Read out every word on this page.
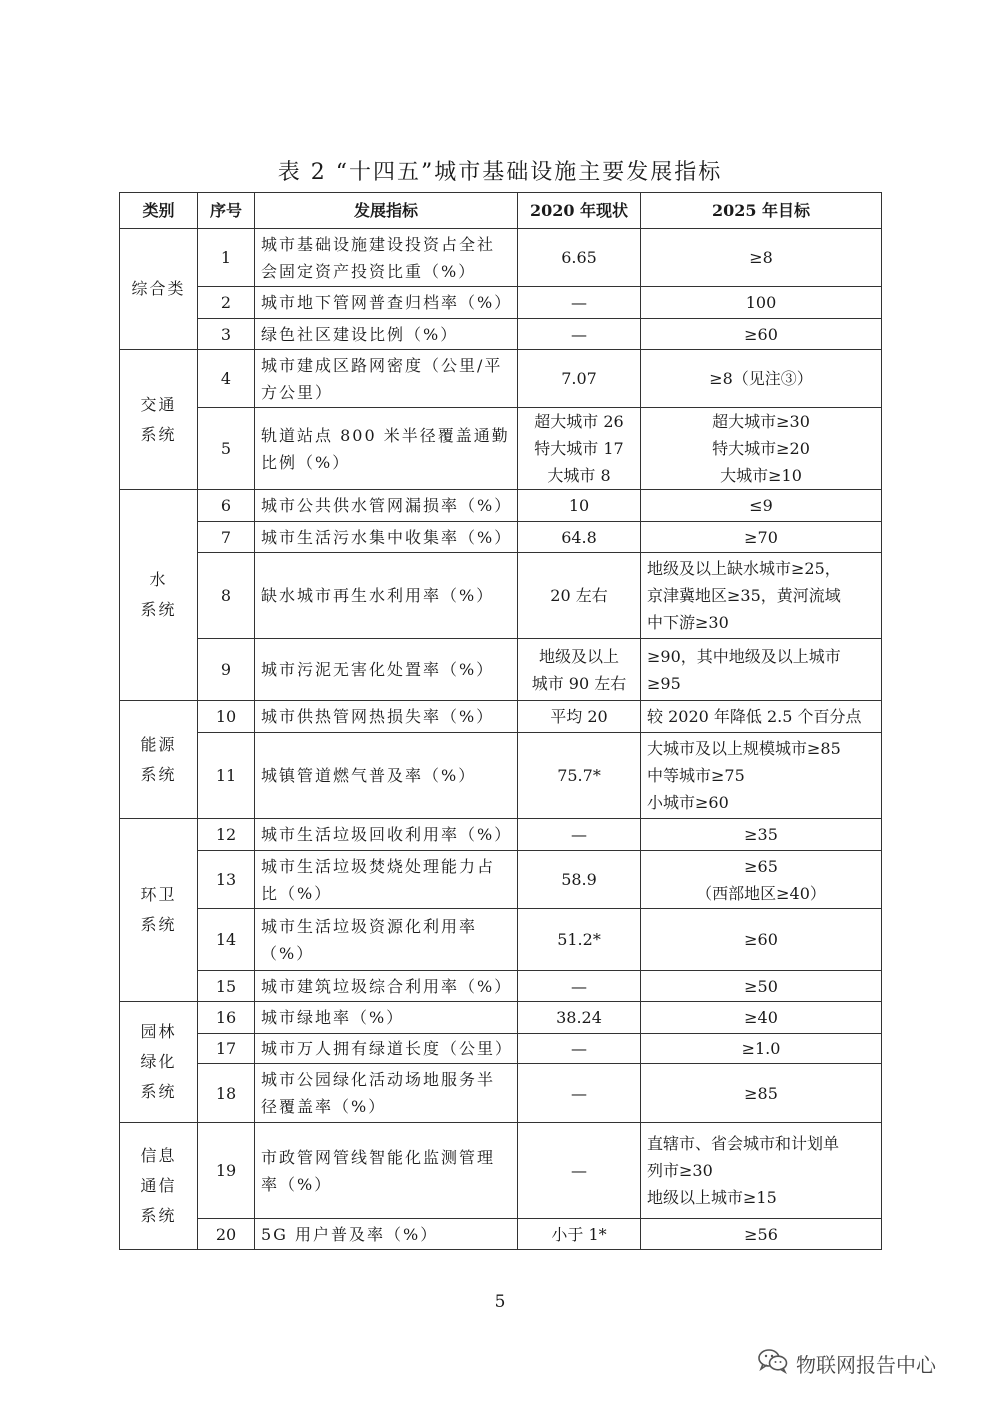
表 2 “十四五”城市基础设施主要发展指标
类别	序号	发展指标	2020 年现状	2025 年目标

综合类	1	城市基础设施建设投资占全社
会固定资产投资比重（%）	6.65	≥8

	2	城市地下管网普查归档率（%）	—	100

	3	绿色社区建设比例（%）	—	≥60

交通
系统	4	城市建成区路网密度（公里/平
方公里）	7.07	≥8（见注③）

	5	轨道站点 800 米半径覆盖通勤
比例（%）	超大城市 26
特大城市 17
大城市 8	超大城市≥30
特大城市≥20
大城市≥10

水
系统	6	城市公共供水管网漏损率（%）	10	≤9

	7	城市生活污水集中收集率（%）	64.8	≥70

	8	缺水城市再生水利用率（%）	20 左右	地级及以上缺水城市≥25，
京津冀地区≥35，黄河流域
中下游≥30

	9	城市污泥无害化处置率（%）	地级及以上
城市 90 左右	≥90，其中地级及以上城市
≥95

能源
系统	10	城市供热管网热损失率（%）	平均 20	较 2020 年降低 2.5 个百分点

	11	城镇管道燃气普及率（%）	75.7*	大城市及以上规模城市≥85
中等城市≥75
小城市≥60

环卫
系统	12	城市生活垃圾回收利用率（%）	—	≥35

	13	城市生活垃圾焚烧处理能力占
比（%）	58.9	≥65
（西部地区≥40）

	14	城市生活垃圾资源化利用率
（%）	51.2*	≥60

	15	城市建筑垃圾综合利用率（%）	—	≥50

园林
绿化
系统	16	城市绿地率（%）	38.24	≥40

	17	城市万人拥有绿道长度（公里）	—	≥1.0

	18	城市公园绿化活动场地服务半
径覆盖率（%）	—	≥85

信息
通信
系统	19	市政管网管线智能化监测管理
率（%）	—	直辖市、省会城市和计划单
列市≥30
地级以上城市≥15

	20	5G 用户普及率（%）	小于 1*	≥56
5
物联网报告中心
